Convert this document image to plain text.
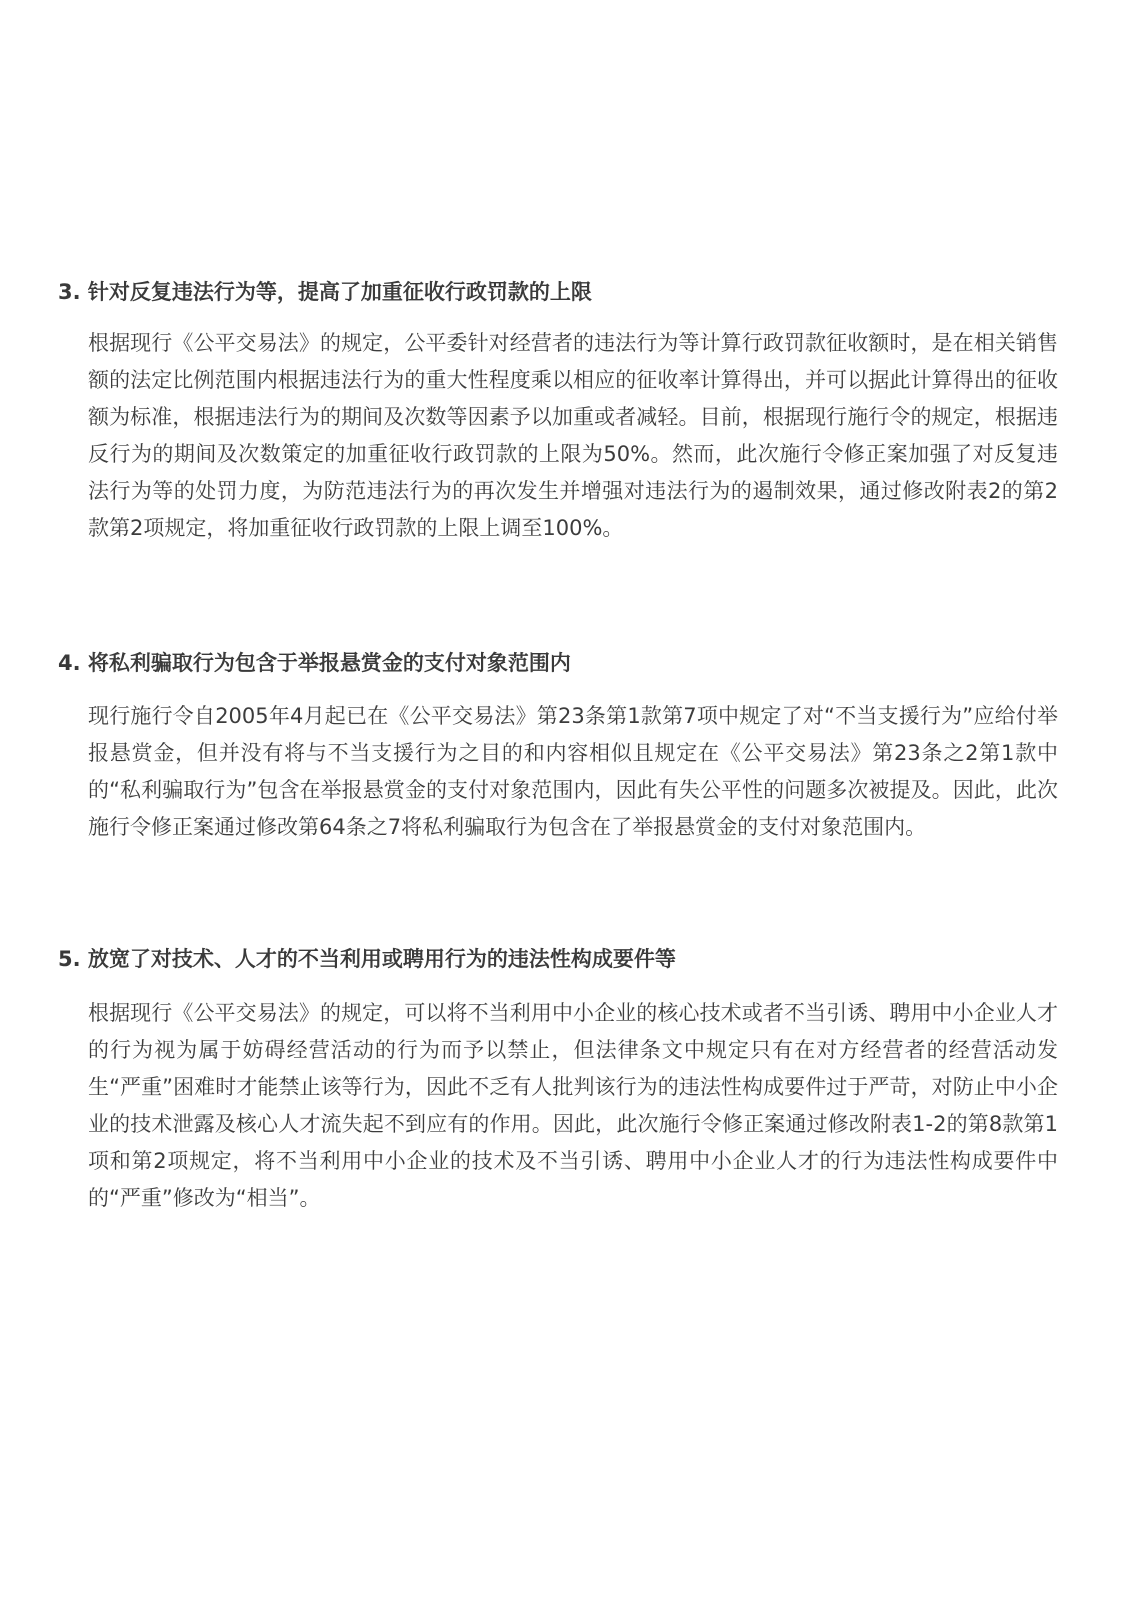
3. 针对反复违法行为等，提高了加重征收行政罚款的上限

根据现行《公平交易法》的规定，公平委针对经营者的违法行为等计算行政罚款征收额时，是在相关销售额的法定比例范围内根据违法行为的重大性程度乘以相应的征收率计算得出，并可以据此计算得出的征收额为标准，根据违法行为的期间及次数等因素予以加重或者减轻。目前，根据现行施行令的规定，根据违反行为的期间及次数策定的加重征收行政罚款的上限为50%。然而，此次施行令修正案加强了对反复违法行为等的处罚力度，为防范违法行为的再次发生并增强对违法行为的遏制效果，通过修改附表2的第2款第2项规定，将加重征收行政罚款的上限上调至100%。

4. 将私利骗取行为包含于举报悬赏金的支付对象范围内

现行施行令自2005年4月起已在《公平交易法》第23条第1款第7项中规定了对“不当支援行为”应给付举报悬赏金，但并没有将与不当支援行为之目的和内容相似且规定在《公平交易法》第23条之2第1款中的“私利骗取行为”包含在举报悬赏金的支付对象范围内，因此有失公平性的问题多次被提及。因此，此次施行令修正案通过修改第64条之7将私利骗取行为包含在了举报悬赏金的支付对象范围内。

5. 放宽了对技术、人才的不当利用或聘用行为的违法性构成要件等

根据现行《公平交易法》的规定，可以将不当利用中小企业的核心技术或者不当引诱、聘用中小企业人才的行为视为属于妨碍经营活动的行为而予以禁止，但法律条文中规定只有在对方经营者的经营活动发生“严重”困难时才能禁止该等行为，因此不乏有人批判该行为的违法性构成要件过于严苛，对防止中小企业的技术泄露及核心人才流失起不到应有的作用。因此，此次施行令修正案通过修改附表1-2的第8款第1项和第2项规定，将不当利用中小企业的技术及不当引诱、聘用中小企业人才的行为违法性构成要件中的“严重”修改为“相当”。
